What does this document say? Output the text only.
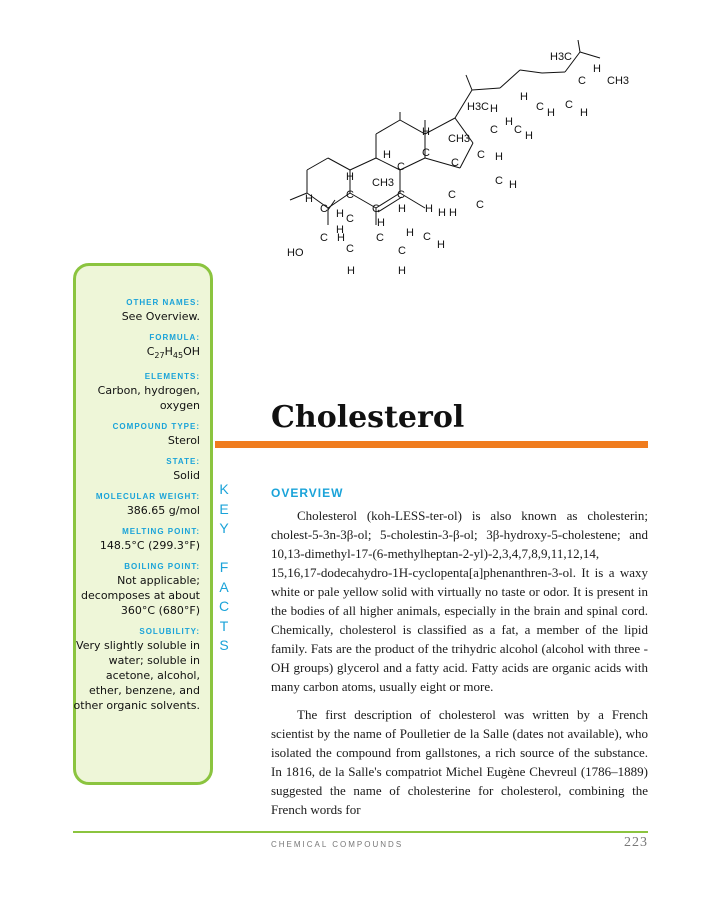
H3C
H
CH3
C
H
C H
C
H
H3C H
C
H
C H
CH3
C
C H
C H
C
H
C
H
C
C	C
H H H
H CH3
C
C H
H
C H C
H
HO
C H
C
H
H
C
C
H
H C
H
OTHER NAMES:
See Overview.
FORMULA:
$C_{27}H_{45}OH$
ELEMENTS:
Carbon, hydrogen, oxygen
COMPOUND TYPE:
Sterol
STATE:
Solid
MOLECULAR WEIGHT:
386.65 g/mol
MELTING POINT:
148.5°C (299.3°F)
BOILING POINT:
Not applicable; decomposes at about 360°C (680°F)
SOLUBILITY:
Very slightly soluble in water; soluble in acetone, alcohol, ether, benzene, and other organic solvents.
K
E
Y

F
A
C
T
S
Cholesterol
OVERVIEW

Cholesterol (koh-LESS-ter-ol) is also known as cholesterin; cholest-5-3n-3β-ol; 5-cholestin-3-β-ol; 3β-hydroxy-5-cholestene; and 10,13-dimethyl-17-(6-methylheptan-2-yl)-2,3,4,7,8,9,11,12,14, 15,16,17-dodecahydro-1H-cyclopenta[a]phenanthren-3-ol. It is a waxy white or pale yellow solid with virtually no taste or odor. It is present in the bodies of all higher animals, especially in the brain and spinal cord. Chemically, cholesterol is classified as a fat, a member of the lipid family. Fats are the product of the trihydric alcohol (alcohol with three -OH groups) glycerol and a fatty acid. Fatty acids are organic acids with many carbon atoms, usually eight or more.

The first description of cholesterol was written by a French scientist by the name of Poulletier de la Salle (dates not available), who isolated the compound from gallstones, a rich source of the substance. In 1816, de la Salle's compatriot Michel Eugène Chevreul (1786–1889) suggested the name of cholesterine for cholesterol, combining the French words for

CHEMICAL COMPOUNDS	223
